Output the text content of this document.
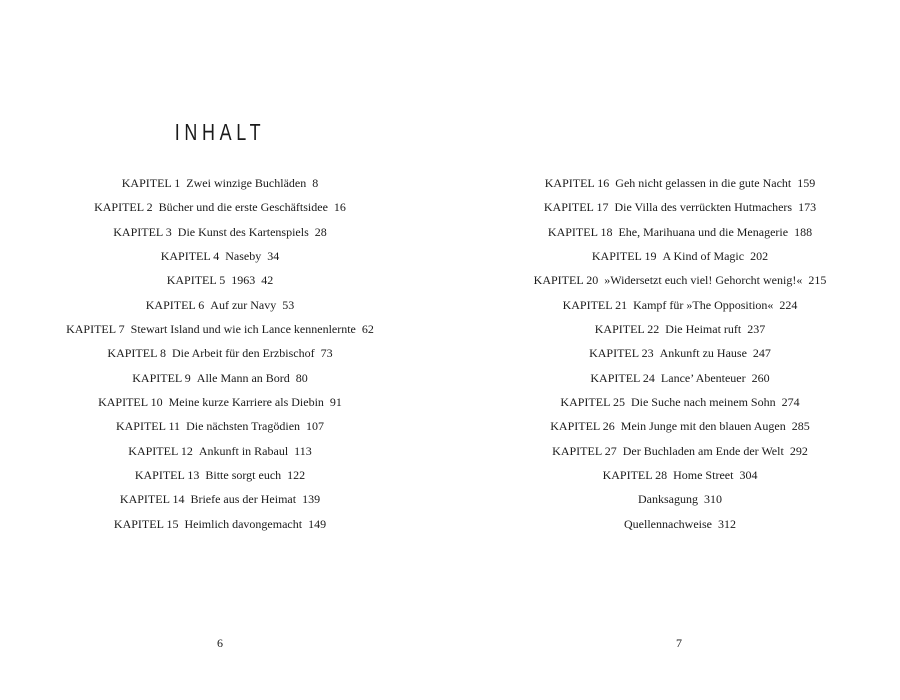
INHALT
KAPITEL 1 Zwei winzige Buchläden 8
KAPITEL 2 Bücher und die erste Geschäftsidee 16
KAPITEL 3 Die Kunst des Kartenspiels 28
KAPITEL 4 Naseby 34
KAPITEL 5 1963 42
KAPITEL 6 Auf zur Navy 53
KAPITEL 7 Stewart Island und wie ich Lance kennenlernte 62
KAPITEL 8 Die Arbeit für den Erzbischof 73
KAPITEL 9 Alle Mann an Bord 80
KAPITEL 10 Meine kurze Karriere als Diebin 91
KAPITEL 11 Die nächsten Tragödien 107
KAPITEL 12 Ankunft in Rabaul 113
KAPITEL 13 Bitte sorgt euch 122
KAPITEL 14 Briefe aus der Heimat 139
KAPITEL 15 Heimlich davongemacht 149
6
KAPITEL 16 Geh nicht gelassen in die gute Nacht 159
KAPITEL 17 Die Villa des verrückten Hutmachers 173
KAPITEL 18 Ehe, Marihuana und die Menagerie 188
KAPITEL 19 A Kind of Magic 202
KAPITEL 20 »Widersetzt euch viel! Gehorcht wenig!« 215
KAPITEL 21 Kampf für »The Opposition« 224
KAPITEL 22 Die Heimat ruft 237
KAPITEL 23 Ankunft zu Hause 247
KAPITEL 24 Lance’ Abenteuer 260
KAPITEL 25 Die Suche nach meinem Sohn 274
KAPITEL 26 Mein Junge mit den blauen Augen 285
KAPITEL 27 Der Buchladen am Ende der Welt 292
KAPITEL 28 Home Street 304
Danksagung 310
Quellennachweise 312
7
